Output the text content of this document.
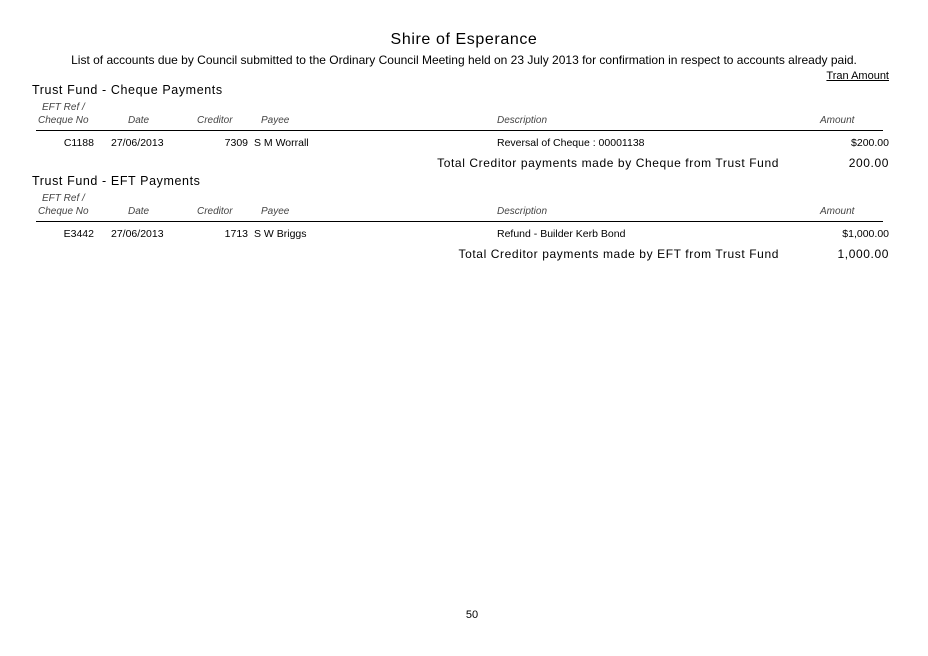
Shire of Esperance
List of accounts due by Council submitted to the Ordinary Council Meeting held on 23 July 2013 for confirmation in respect to accounts already paid.
Tran Amount
Trust Fund - Cheque Payments
EFT Ref /
Cheque No	Date	Creditor	Payee	Description	Amount
C1188 27/06/2013	7309 S M Worrall	Reversal of Cheque : 00001138	$200.00
Total Creditor payments made by Cheque from Trust Fund	200.00
Trust Fund - EFT Payments
EFT Ref /
Cheque No	Date	Creditor	Payee	Description	Amount
E3442 27/06/2013	1713 S W Briggs	Refund - Builder Kerb Bond	$1,000.00
Total Creditor payments made by EFT from Trust Fund	1,000.00
50
